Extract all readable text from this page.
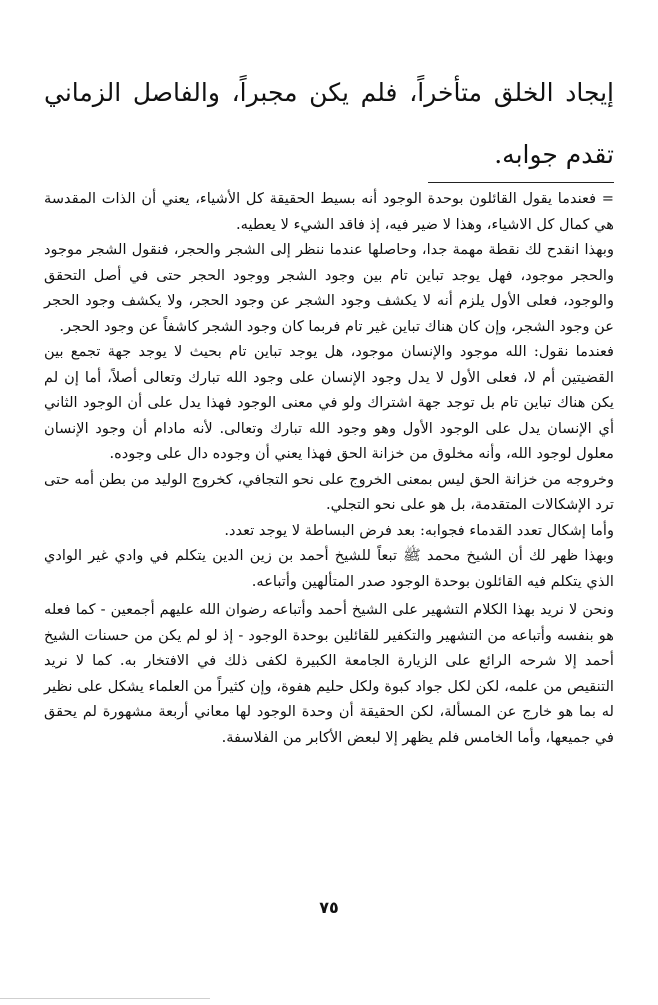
إيجاد الخلق متأخراً، فلم يكن مجبراً، والفاصل الزماني تقدم جوابه.

= فعندما يقول القائلون بوحدة الوجود أنه بسيط الحقيقة كل الأشياء، يعني أن الذات المقدسة هي كمال كل الاشياء، وهذا لا ضير فيه، إذ فاقد الشيء لا يعطيه.
وبهذا انقدح لك نقطة مهمة جدا، وحاصلها عندما ننظر إلى الشجر والحجر، فنقول الشجر موجود والحجر موجود، فهل يوجد تباين تام بين وجود الشجر ووجود الحجر حتى في أصل التحقق والوجود، فعلى الأول يلزم أنه لا يكشف وجود الشجر عن وجود الحجر، ولا يكشف وجود الحجر عن وجود الشجر، وإن كان هناك تباين غير تام فربما كان وجود الشجر كاشفاً عن وجود الحجر.
فعندما نقول: الله موجود والإنسان موجود، هل يوجد تباين تام بحيث لا يوجد جهة تجمع بين القضيتين أم لا، فعلى الأول لا يدل وجود الإنسان على وجود الله تبارك وتعالى أصلاً، أما إن لم يكن هناك تباين تام بل توجد جهة اشتراك ولو في معنى الوجود فهذا يدل على أن الوجود الثاني أي الإنسان يدل على الوجود الأول وهو وجود الله تبارك وتعالى. لأنه مادام أن وجود الإنسان معلول لوجود الله، وأنه مخلوق من خزانة الحق فهذا يعني أن وجوده دال على وجوده.
وخروجه من خزانة الحق ليس بمعنى الخروج على نحو التجافي، كخروج الوليد من بطن أمه حتى ترد الإشكالات المتقدمة، بل هو على نحو التجلي.
وأما إشكال تعدد القدماء فجوابه: بعد فرض البساطة لا يوجد تعدد.
وبهذا ظهر لك أن الشيخ محمد ﷺ تبعاً للشيخ أحمد بن زين الدين يتكلم في وادي غير الوادي الذي يتكلم فيه القائلون بوحدة الوجود صدر المتألهين وأتباعه.
ونحن لا نريد بهذا الكلام التشهير على الشيخ أحمد وأتباعه رضوان الله عليهم أجمعين - كما فعله هو بنفسه وأتباعه من التشهير والتكفير للقائلين بوحدة الوجود - إذ لو لم يكن من حسنات الشيخ أحمد إلا شرحه الرائع على الزيارة الجامعة الكبيرة لكفى ذلك في الافتخار به. كما لا نريد التنقيص من علمه، لكن لكل جواد كبوة ولكل حليم هفوة، وإن كثيراً من العلماء يشكل على نظير له بما هو خارج عن المسألة، لكن الحقيقة أن وحدة الوجود لها معاني أربعة مشهورة لم يحقق في جميعها، وأما الخامس فلم يظهر إلا لبعض الأكابر من الفلاسفة.
٧٥
